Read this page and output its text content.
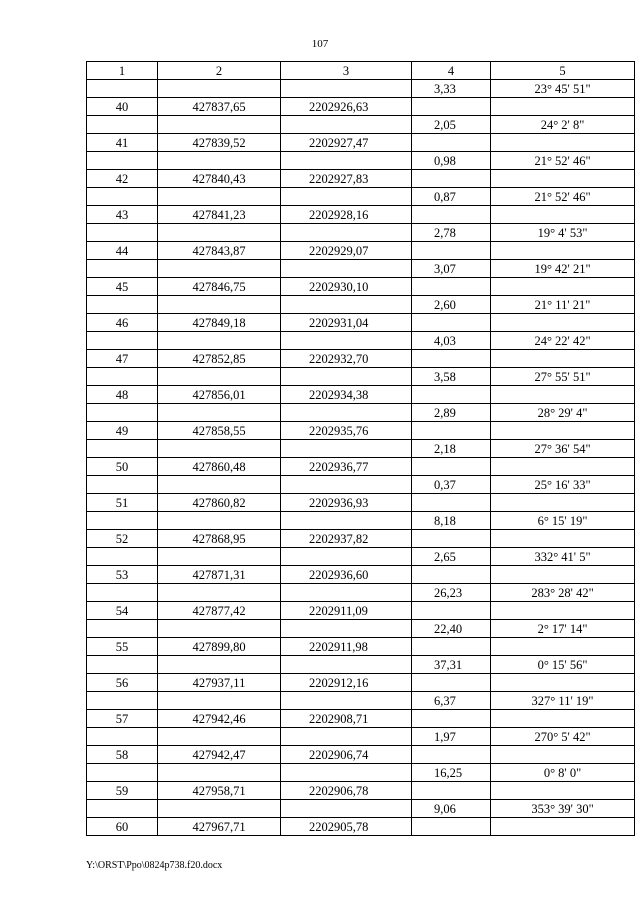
107
1	2	3	4	5
			3,33	23° 45' 51"
40	427837,65	2202926,63		
			2,05	24° 2' 8"
41	427839,52	2202927,47		
			0,98	21° 52' 46"
42	427840,43	2202927,83		
			0,87	21° 52' 46"
43	427841,23	2202928,16		
			2,78	19° 4' 53"
44	427843,87	2202929,07		
			3,07	19° 42' 21"
45	427846,75	2202930,10		
			2,60	21° 11' 21"
46	427849,18	2202931,04		
			4,03	24° 22' 42"
47	427852,85	2202932,70		
			3,58	27° 55' 51"
48	427856,01	2202934,38		
			2,89	28° 29' 4"
49	427858,55	2202935,76		
			2,18	27° 36' 54"
50	427860,48	2202936,77		
			0,37	25° 16' 33"
51	427860,82	2202936,93		
			8,18	6° 15' 19"
52	427868,95	2202937,82		
			2,65	332° 41' 5"
53	427871,31	2202936,60		
			26,23	283° 28' 42"
54	427877,42	2202911,09		
			22,40	2° 17' 14"
55	427899,80	2202911,98		
			37,31	0° 15' 56"
56	427937,11	2202912,16		
			6,37	327° 11' 19"
57	427942,46	2202908,71		
			1,97	270° 5' 42"
58	427942,47	2202906,74		
			16,25	0° 8' 0"
59	427958,71	2202906,78		
			9,06	353° 39' 30"
60	427967,71	2202905,78		
Y:\ORST\Ppo\0824p738.f20.docx
